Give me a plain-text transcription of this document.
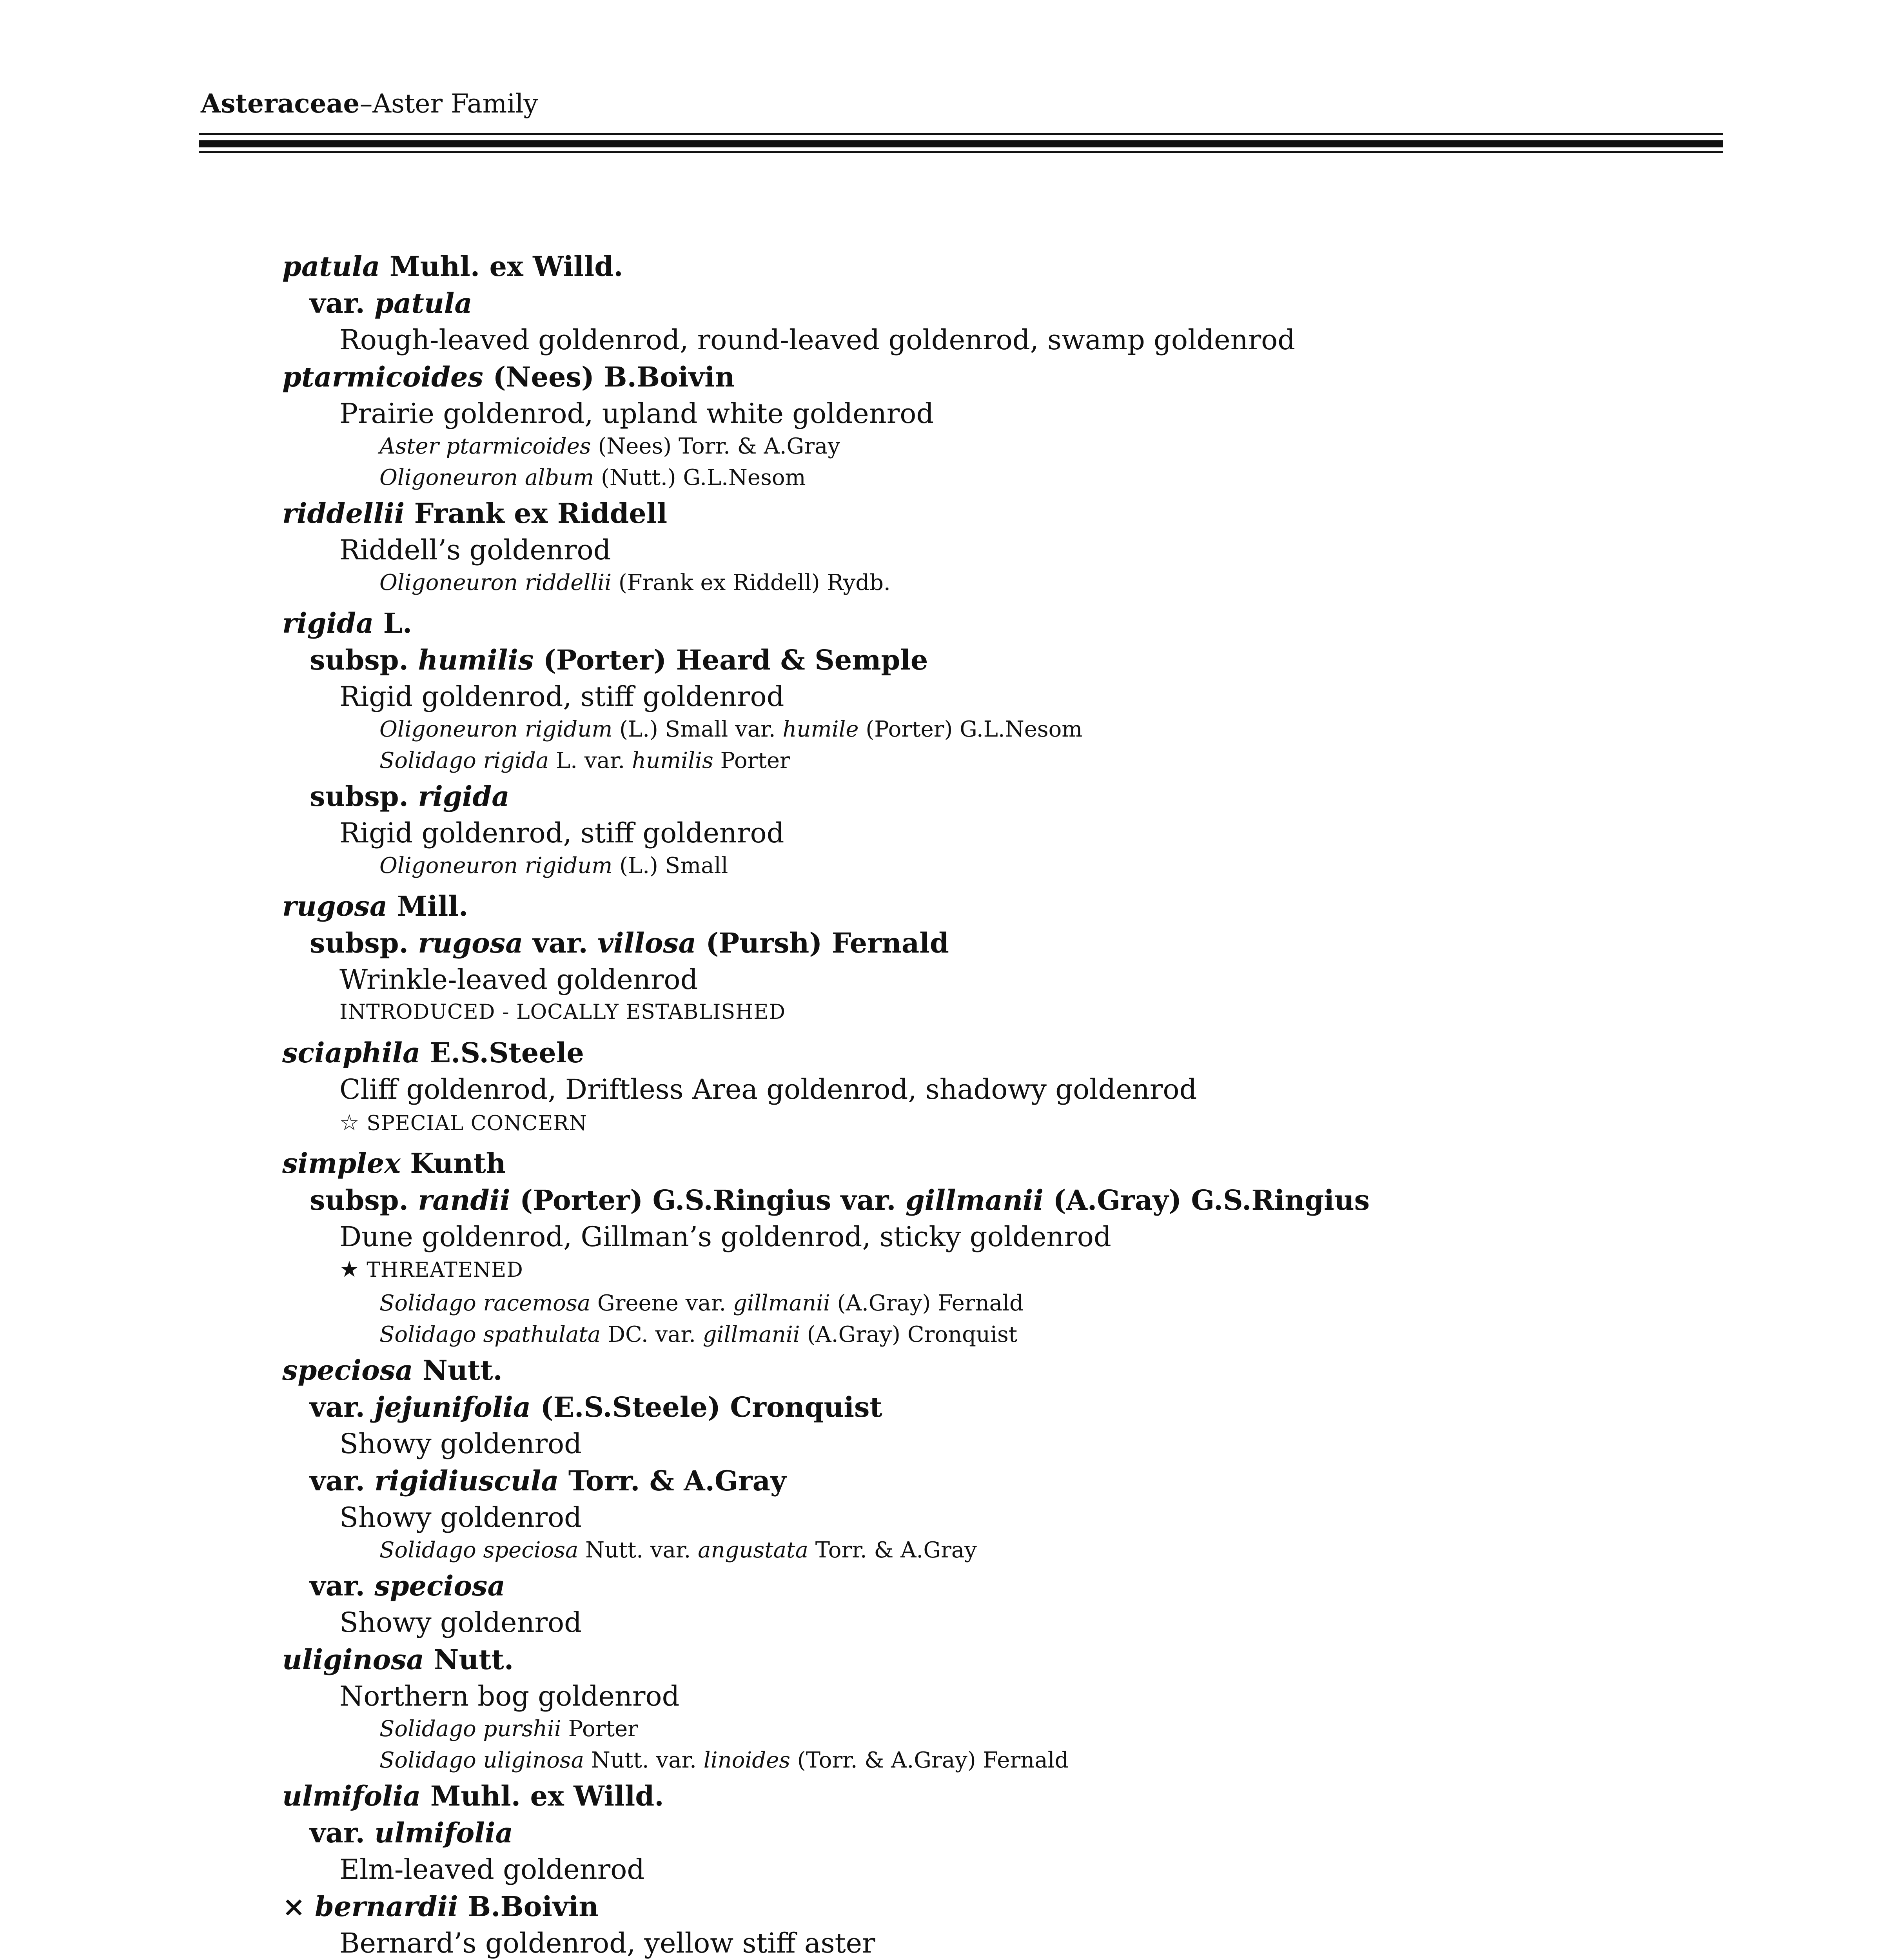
Asteraceae–Aster Family
patula Muhl. ex Willd.
var. patula
Rough-leaved goldenrod, round-leaved goldenrod, swamp goldenrod
ptarmicoides (Nees) B.Boivin
Prairie goldenrod, upland white goldenrod
Aster ptarmicoides (Nees) Torr. & A.Gray
Oligoneuron album (Nutt.) G.L.Nesom
riddellii Frank ex Riddell
Riddell’s goldenrod
Oligoneuron riddellii (Frank ex Riddell) Rydb.
rigida L.
subsp. humilis (Porter) Heard & Semple
Rigid goldenrod, stiff goldenrod
Oligoneuron rigidum (L.) Small var. humile (Porter) G.L.Nesom
Solidago rigida L. var. humilis Porter
subsp. rigida
Rigid goldenrod, stiff goldenrod
Oligoneuron rigidum (L.) Small
rugosa Mill.
subsp. rugosa var. villosa (Pursh) Fernald
Wrinkle-leaved goldenrod
INTRODUCED - LOCALLY ESTABLISHED
sciaphila E.S.Steele
Cliff goldenrod, Driftless Area goldenrod, shadowy goldenrod
☆ SPECIAL CONCERN
simplex Kunth
subsp. randii (Porter) G.S.Ringius var. gillmanii (A.Gray) G.S.Ringius
Dune goldenrod, Gillman’s goldenrod, sticky goldenrod
★ THREATENED
Solidago racemosa Greene var. gillmanii (A.Gray) Fernald
Solidago spathulata DC. var. gillmanii (A.Gray) Cronquist
speciosa Nutt.
var. jejunifolia (E.S.Steele) Cronquist
Showy goldenrod
var. rigidiuscula Torr. & A.Gray
Showy goldenrod
Solidago speciosa Nutt. var. angustata Torr. & A.Gray
var. speciosa
Showy goldenrod
uliginosa Nutt.
Northern bog goldenrod
Solidago purshii Porter
Solidago uliginosa Nutt. var. linoides (Torr. & A.Gray) Fernald
ulmifolia Muhl. ex Willd.
var. ulmifolia
Elm-leaved goldenrod
× bernardii B.Boivin
Bernard’s goldenrod, yellow stiff aster
